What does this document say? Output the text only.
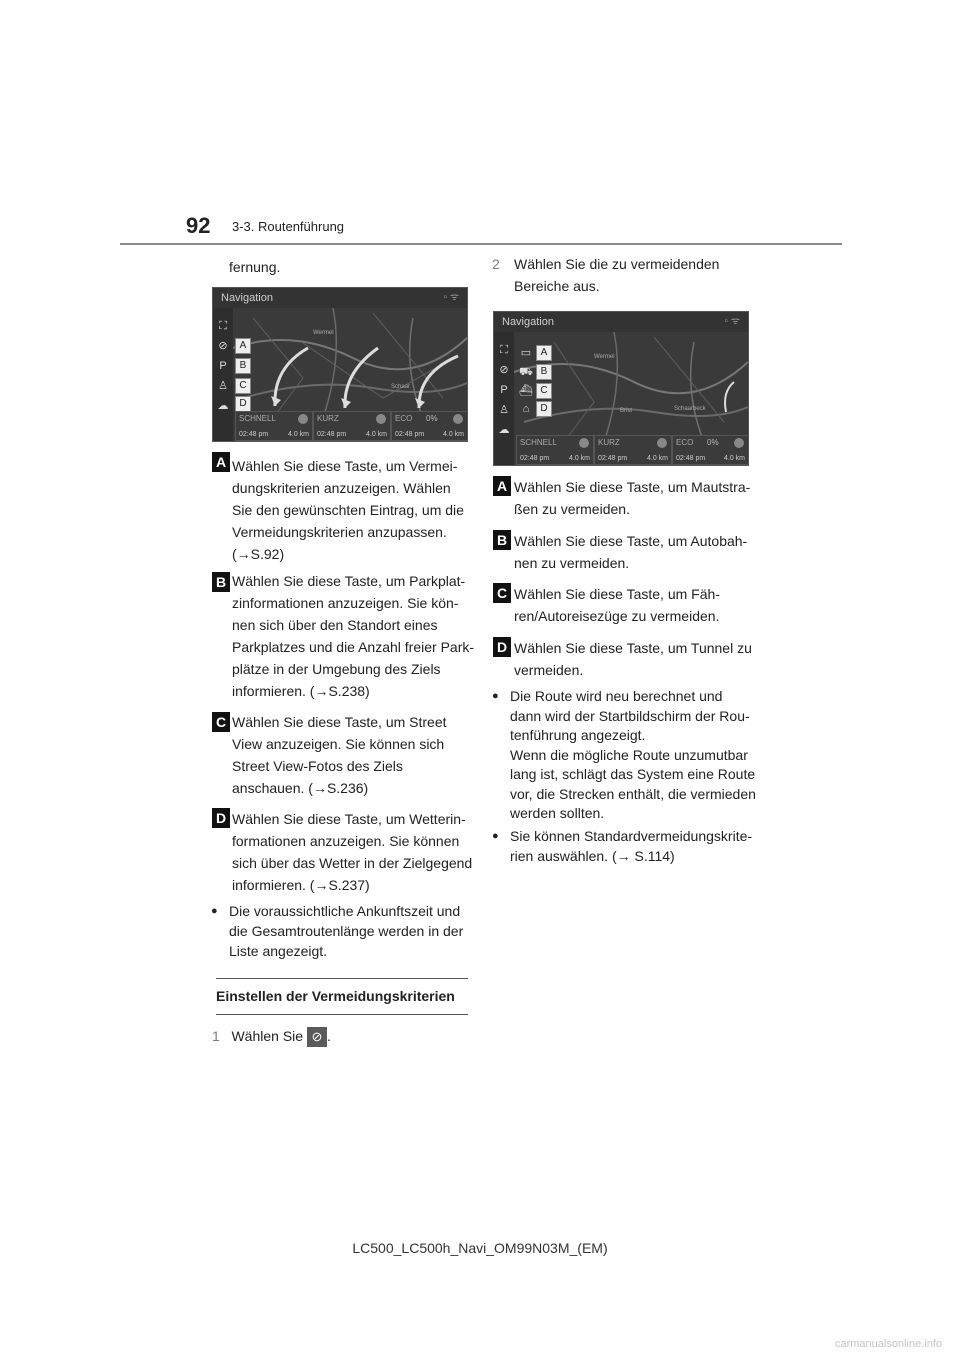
92 3-3. Routenführung
fernung.
Navigation	▫ ᯤ
Wermel
Schaar
⛶
⊘
P
♙
☁
A
B
C
D
SCHNELL
02:48 pm	4.0 km
KURZ
02:48 pm	4.0 km
ECO 0%
02:48 pm	4.0 km
A Wählen Sie diese Taste, um Vermei-
dungskriterien anzuzeigen. Wählen
Sie den gewünschten Eintrag, um die
Vermeidungskriterien anzupassen.
(→S.92)
B Wählen Sie diese Taste, um Parkplat-
zinformationen anzuzeigen. Sie kön-
nen sich über den Standort eines
Parkplatzes und die Anzahl freier Park-
plätze in der Umgebung des Ziels
informieren. (→S.238)
C Wählen Sie diese Taste, um Street
View anzuzeigen. Sie können sich
Street View-Fotos des Ziels
anschauen. (→S.236)
D Wählen Sie diese Taste, um Wetterin-
formationen anzuzeigen. Sie können
sich über das Wetter in der Zielgegend
informieren. (→S.237)
● Die voraussichtliche Ankunftszeit und
die Gesamtroutenlänge werden in der
Liste angezeigt.
Einstellen der Vermeidungskriterien
1 Wählen Sie ⊘ .
2 Wählen Sie die zu vermeidenden
Bereiche aus.
Navigation	▫ ᯤ
Wermel
Schaarbeck
Brist
⛶
⊘
P
♙
☁
▭
⛟
⛴
⌂
A
B
C
D
SCHNELL
02:48 pm	4.0 km
KURZ
02:48 pm	4.0 km
ECO 0%
02:48 pm	4.0 km
A Wählen Sie diese Taste, um Mautstra-
ßen zu vermeiden.
B Wählen Sie diese Taste, um Autobah-
nen zu vermeiden.
C Wählen Sie diese Taste, um Fäh-
ren/Autoreisezüge zu vermeiden.
D Wählen Sie diese Taste, um Tunnel zu
vermeiden.
● Die Route wird neu berechnet und
dann wird der Startbildschirm der Rou-
tenführung angezeigt.
Wenn die mögliche Route unzumutbar
lang ist, schlägt das System eine Route
vor, die Strecken enthält, die vermieden
werden sollten.
● Sie können Standardvermeidungskrite-
rien auswählen. (→ S.114)
LC500_LC500h_Navi_OM99N03M_(EM)
carmanualsonline.info
